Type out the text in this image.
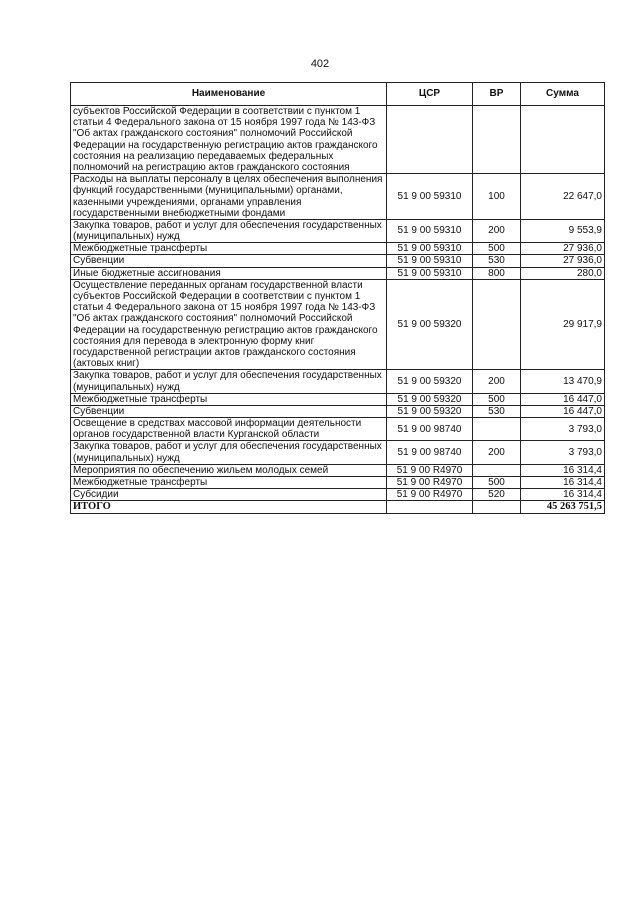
402
Наименование	ЦСР	ВР	Сумма
субъектов Российской Федерации в соответствии с пунктом 1 статьи 4 Федерального закона от 15 ноября 1997 года № 143-ФЗ "Об актах гражданского состояния" полномочий Российской Федерации на государственную регистрацию актов гражданского состояния на реализацию передаваемых федеральных полномочий на регистрацию актов гражданского состояния			
Расходы на выплаты персоналу в целях обеспечения выполнения функций государственными (муниципальными) органами, казенными учреждениями, органами управления государственными внебюджетными фондами	51 9 00 59310	100	22 647,0
Закупка товаров, работ и услуг для обеспечения государственных (муниципальных) нужд	51 9 00 59310	200	9 553,9
Межбюджетные трансферты	51 9 00 59310	500	27 936,0
Субвенции	51 9 00 59310	530	27 936,0
Иные бюджетные ассигнования	51 9 00 59310	800	280,0
Осуществление переданных органам государственной власти субъектов Российской Федерации в соответствии с пунктом 1 статьи 4 Федерального закона от 15 ноября 1997 года № 143-ФЗ "Об актах гражданского состояния" полномочий Российской Федерации на государственную регистрацию актов гражданского состояния для перевода в электронную форму книг государственной регистрации актов гражданского состояния (актовых книг)	51 9 00 59320		29 917,9
Закупка товаров, работ и услуг для обеспечения государственных (муниципальных) нужд	51 9 00 59320	200	13 470,9
Межбюджетные трансферты	51 9 00 59320	500	16 447,0
Субвенции	51 9 00 59320	530	16 447,0
Освещение в средствах массовой информации деятельности органов государственной власти Курганской области	51 9 00 98740		3 793,0
Закупка товаров, работ и услуг для обеспечения государственных (муниципальных) нужд	51 9 00 98740	200	3 793,0
Мероприятия по обеспечению жильем молодых семей	51 9 00 R4970		16 314,4
Межбюджетные трансферты	51 9 00 R4970	500	16 314,4
Субсидии	51 9 00 R4970	520	16 314,4
ИТОГО			45 263 751,5
